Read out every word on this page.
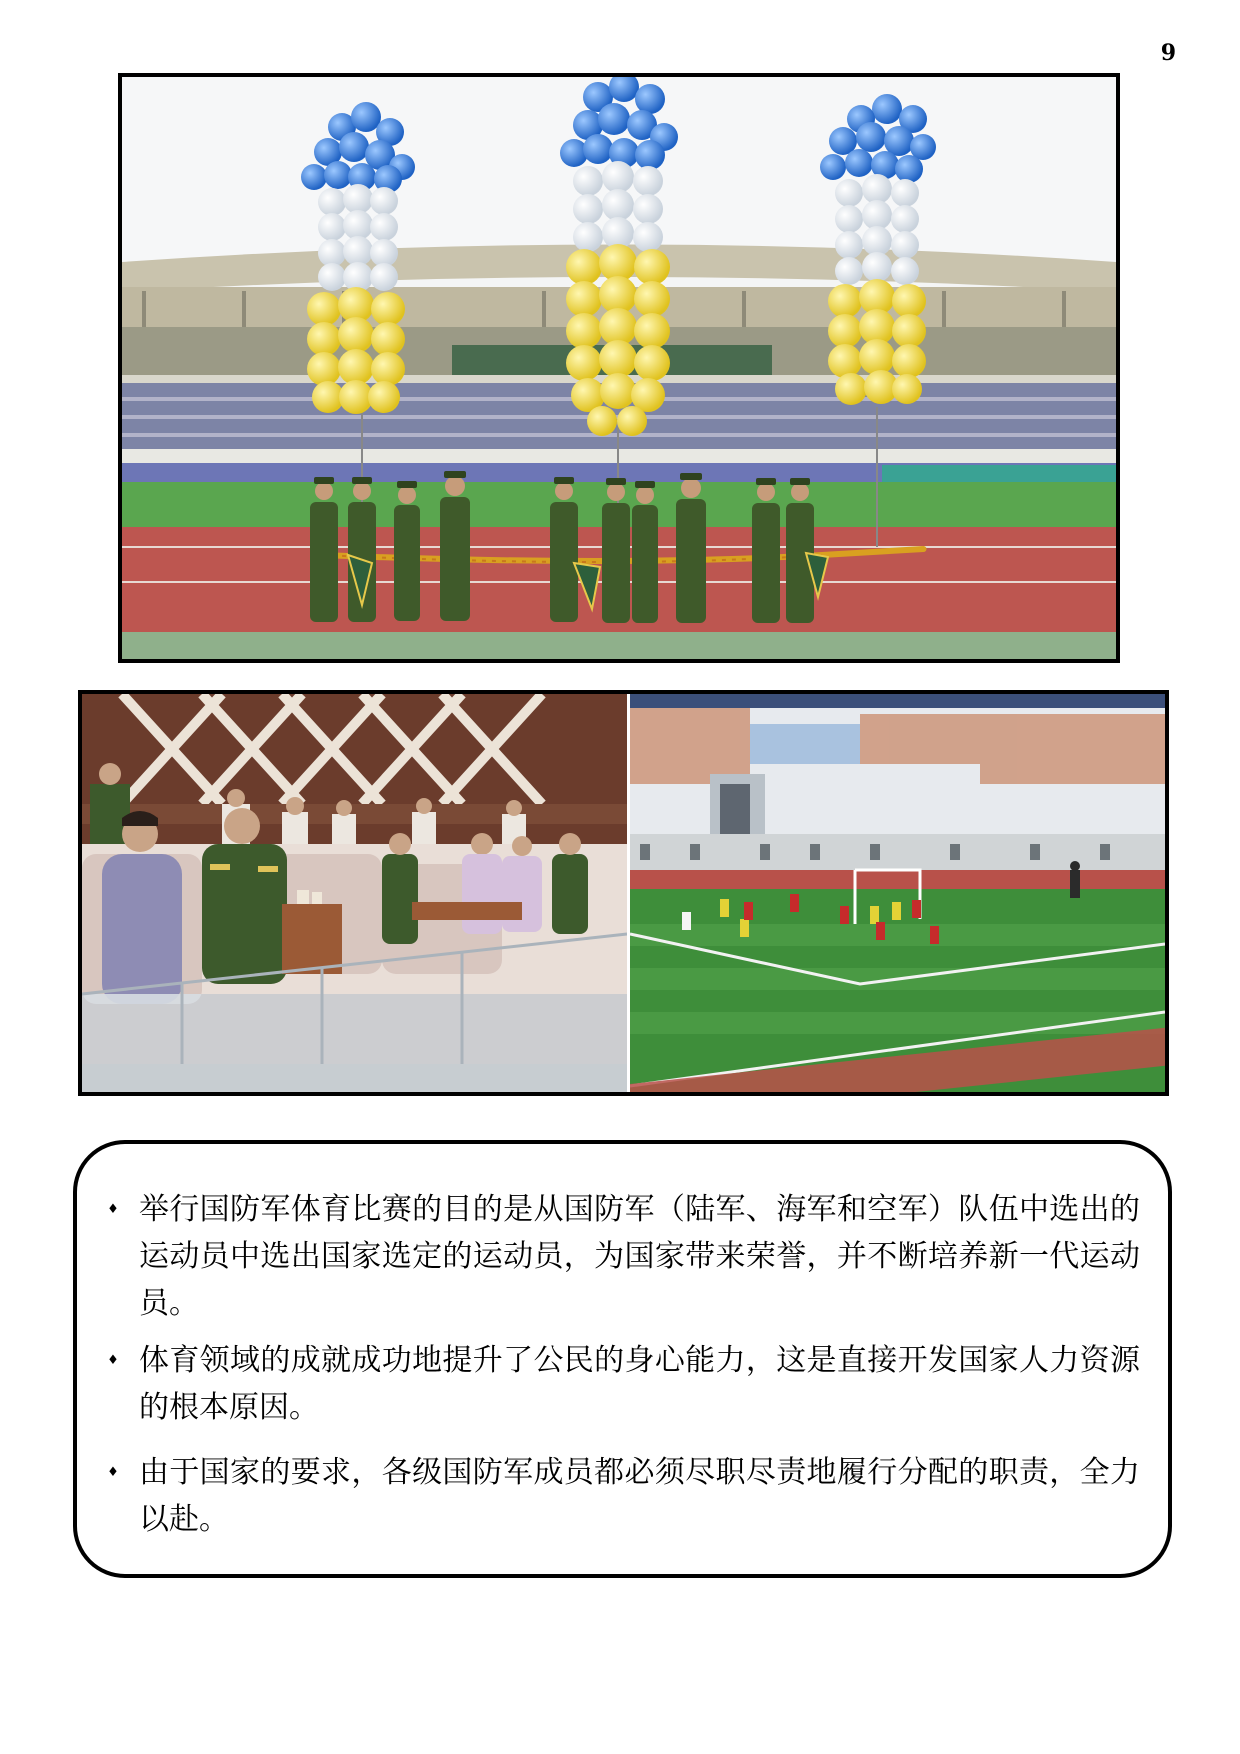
9
♦ 举行国防军体育比赛的目的是从国防军（陆军、海军和空军）队伍中选出的运动员中选出国家选定的运动员，为国家带来荣誉，并不断培养新一代运动员。
♦ 体育领域的成就成功地提升了公民的身心能力，这是直接开发国家人力资源的根本原因。
♦ 由于国家的要求，各级国防军成员都必须尽职尽责地履行分配的职责，全力以赴。
